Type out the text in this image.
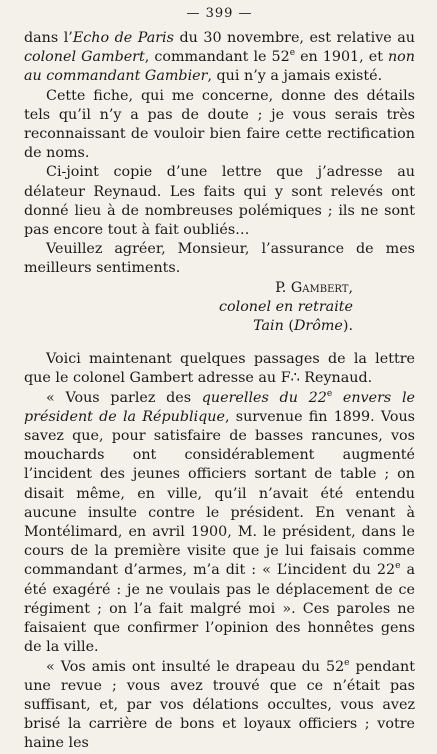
— 399 —

dans l’Echo de Paris du 30 novembre, est relative au colonel Gambert, commandant le 52e en 1901, et non au commandant Gambier, qui n’y a jamais existé.

Cette fiche, qui me concerne, donne des détails tels qu’il n’y a pas de doute ; je vous serais très reconnaissant de vouloir bien faire cette rectification de noms.

Ci-joint copie d’une lettre que j’adresse au délateur Reynaud. Les faits qui y sont relevés ont donné lieu à de nombreuses polémiques ; ils ne sont pas encore tout à fait oubliés…

Veuillez agréer, Monsieur, l’assurance de mes meilleurs sentiments.

P. Gambert,
colonel en retraite
Tain (Drôme).

Voici maintenant quelques passages de la lettre que le colonel Gambert adresse au F∴ Reynaud.

« Vous parlez des querelles du 22e envers le président de la République, survenue fin 1899. Vous savez que, pour satisfaire de basses rancunes, vos mouchards ont considérablement augmenté l’incident des jeunes officiers sortant de table ; on disait même, en ville, qu’il n’avait été entendu aucune insulte contre le président. En venant à Montélimard, en avril 1900, M. le président, dans le cours de la première visite que je lui faisais comme commandant d’armes, m’a dit : « L’incident du 22e a été exagéré : je ne voulais pas le déplacement de ce régiment ; on l’a fait malgré moi ». Ces paroles ne faisaient que confirmer l’opinion des honnêtes gens de la ville.

« Vos amis ont insulté le drapeau du 52e pendant une revue ; vous avez trouvé que ce n’était pas suffisant, et, par vos délations occultes, vous avez brisé la carrière de bons et loyaux officiers ; votre haine les
